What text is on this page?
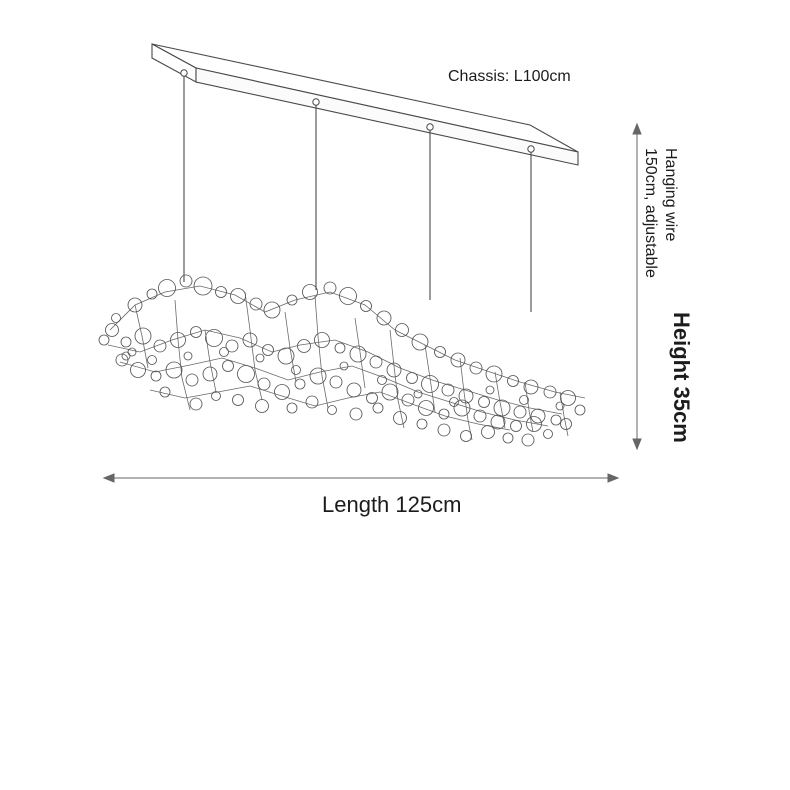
Chassis: L100cm
Hanging wire
150cm, adjustable
Height 35cm
Length 125cm
